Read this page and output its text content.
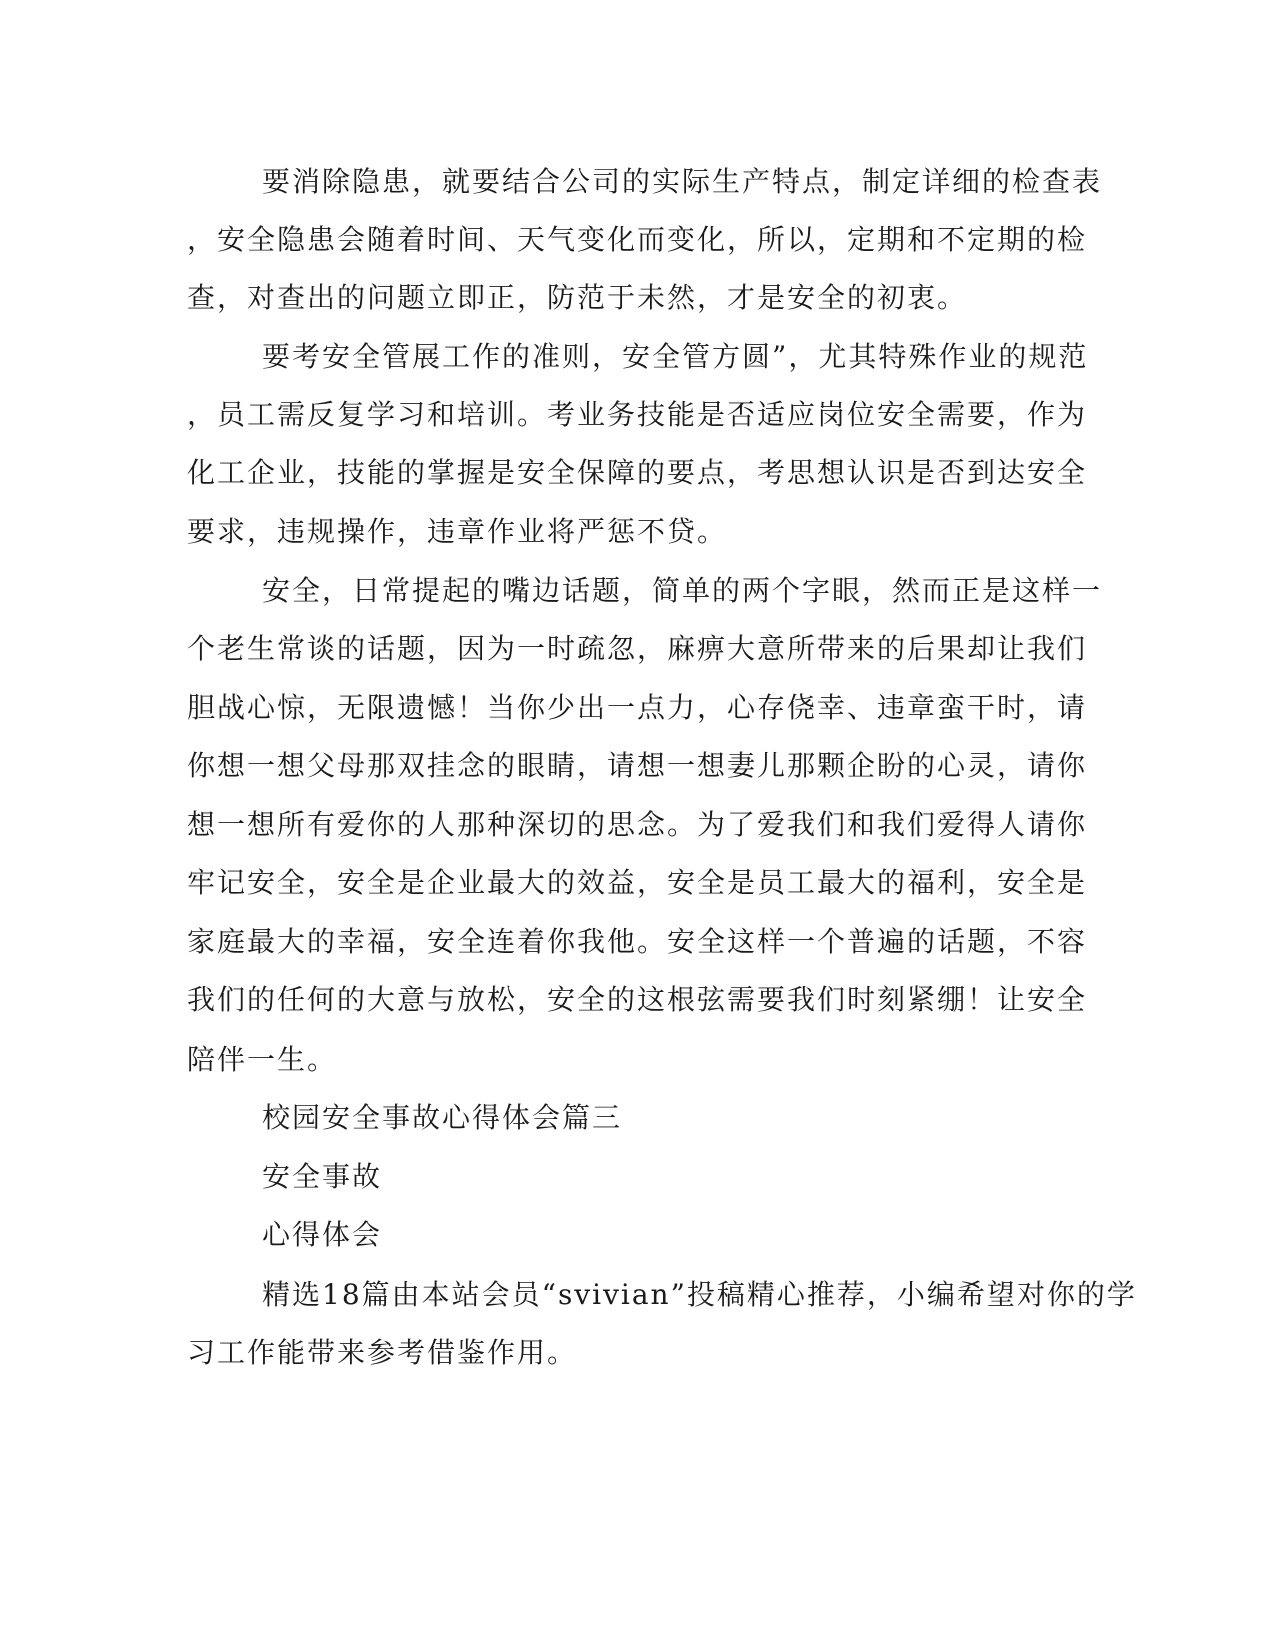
要消除隐患，就要结合公司的实际生产特点，制定详细的检查表
，安全隐患会随着时间、天气变化而变化，所以，定期和不定期的检
查，对查出的问题立即正，防范于未然，才是安全的初衷。
要考安全管展工作的准则，安全管方圆”，尤其特殊作业的规范
，员工需反复学习和培训。考业务技能是否适应岗位安全需要，作为
化工企业，技能的掌握是安全保障的要点，考思想认识是否到达安全
要求，违规操作，违章作业将严惩不贷。
安全，日常提起的嘴边话题，简单的两个字眼，然而正是这样一
个老生常谈的话题，因为一时疏忽，麻痹大意所带来的后果却让我们
胆战心惊，无限遗憾！当你少出一点力，心存侥幸、违章蛮干时，请
你想一想父母那双挂念的眼睛，请想一想妻儿那颗企盼的心灵，请你
想一想所有爱你的人那种深切的思念。为了爱我们和我们爱得人请你
牢记安全，安全是企业最大的效益，安全是员工最大的福利，安全是
家庭最大的幸福，安全连着你我他。安全这样一个普遍的话题，不容
我们的任何的大意与放松，安全的这根弦需要我们时刻紧绷！让安全
陪伴一生。
校园安全事故心得体会篇三
安全事故
心得体会
精选18篇由本站会员“svivian”投稿精心推荐，小编希望对你的学
习工作能带来参考借鉴作用。
